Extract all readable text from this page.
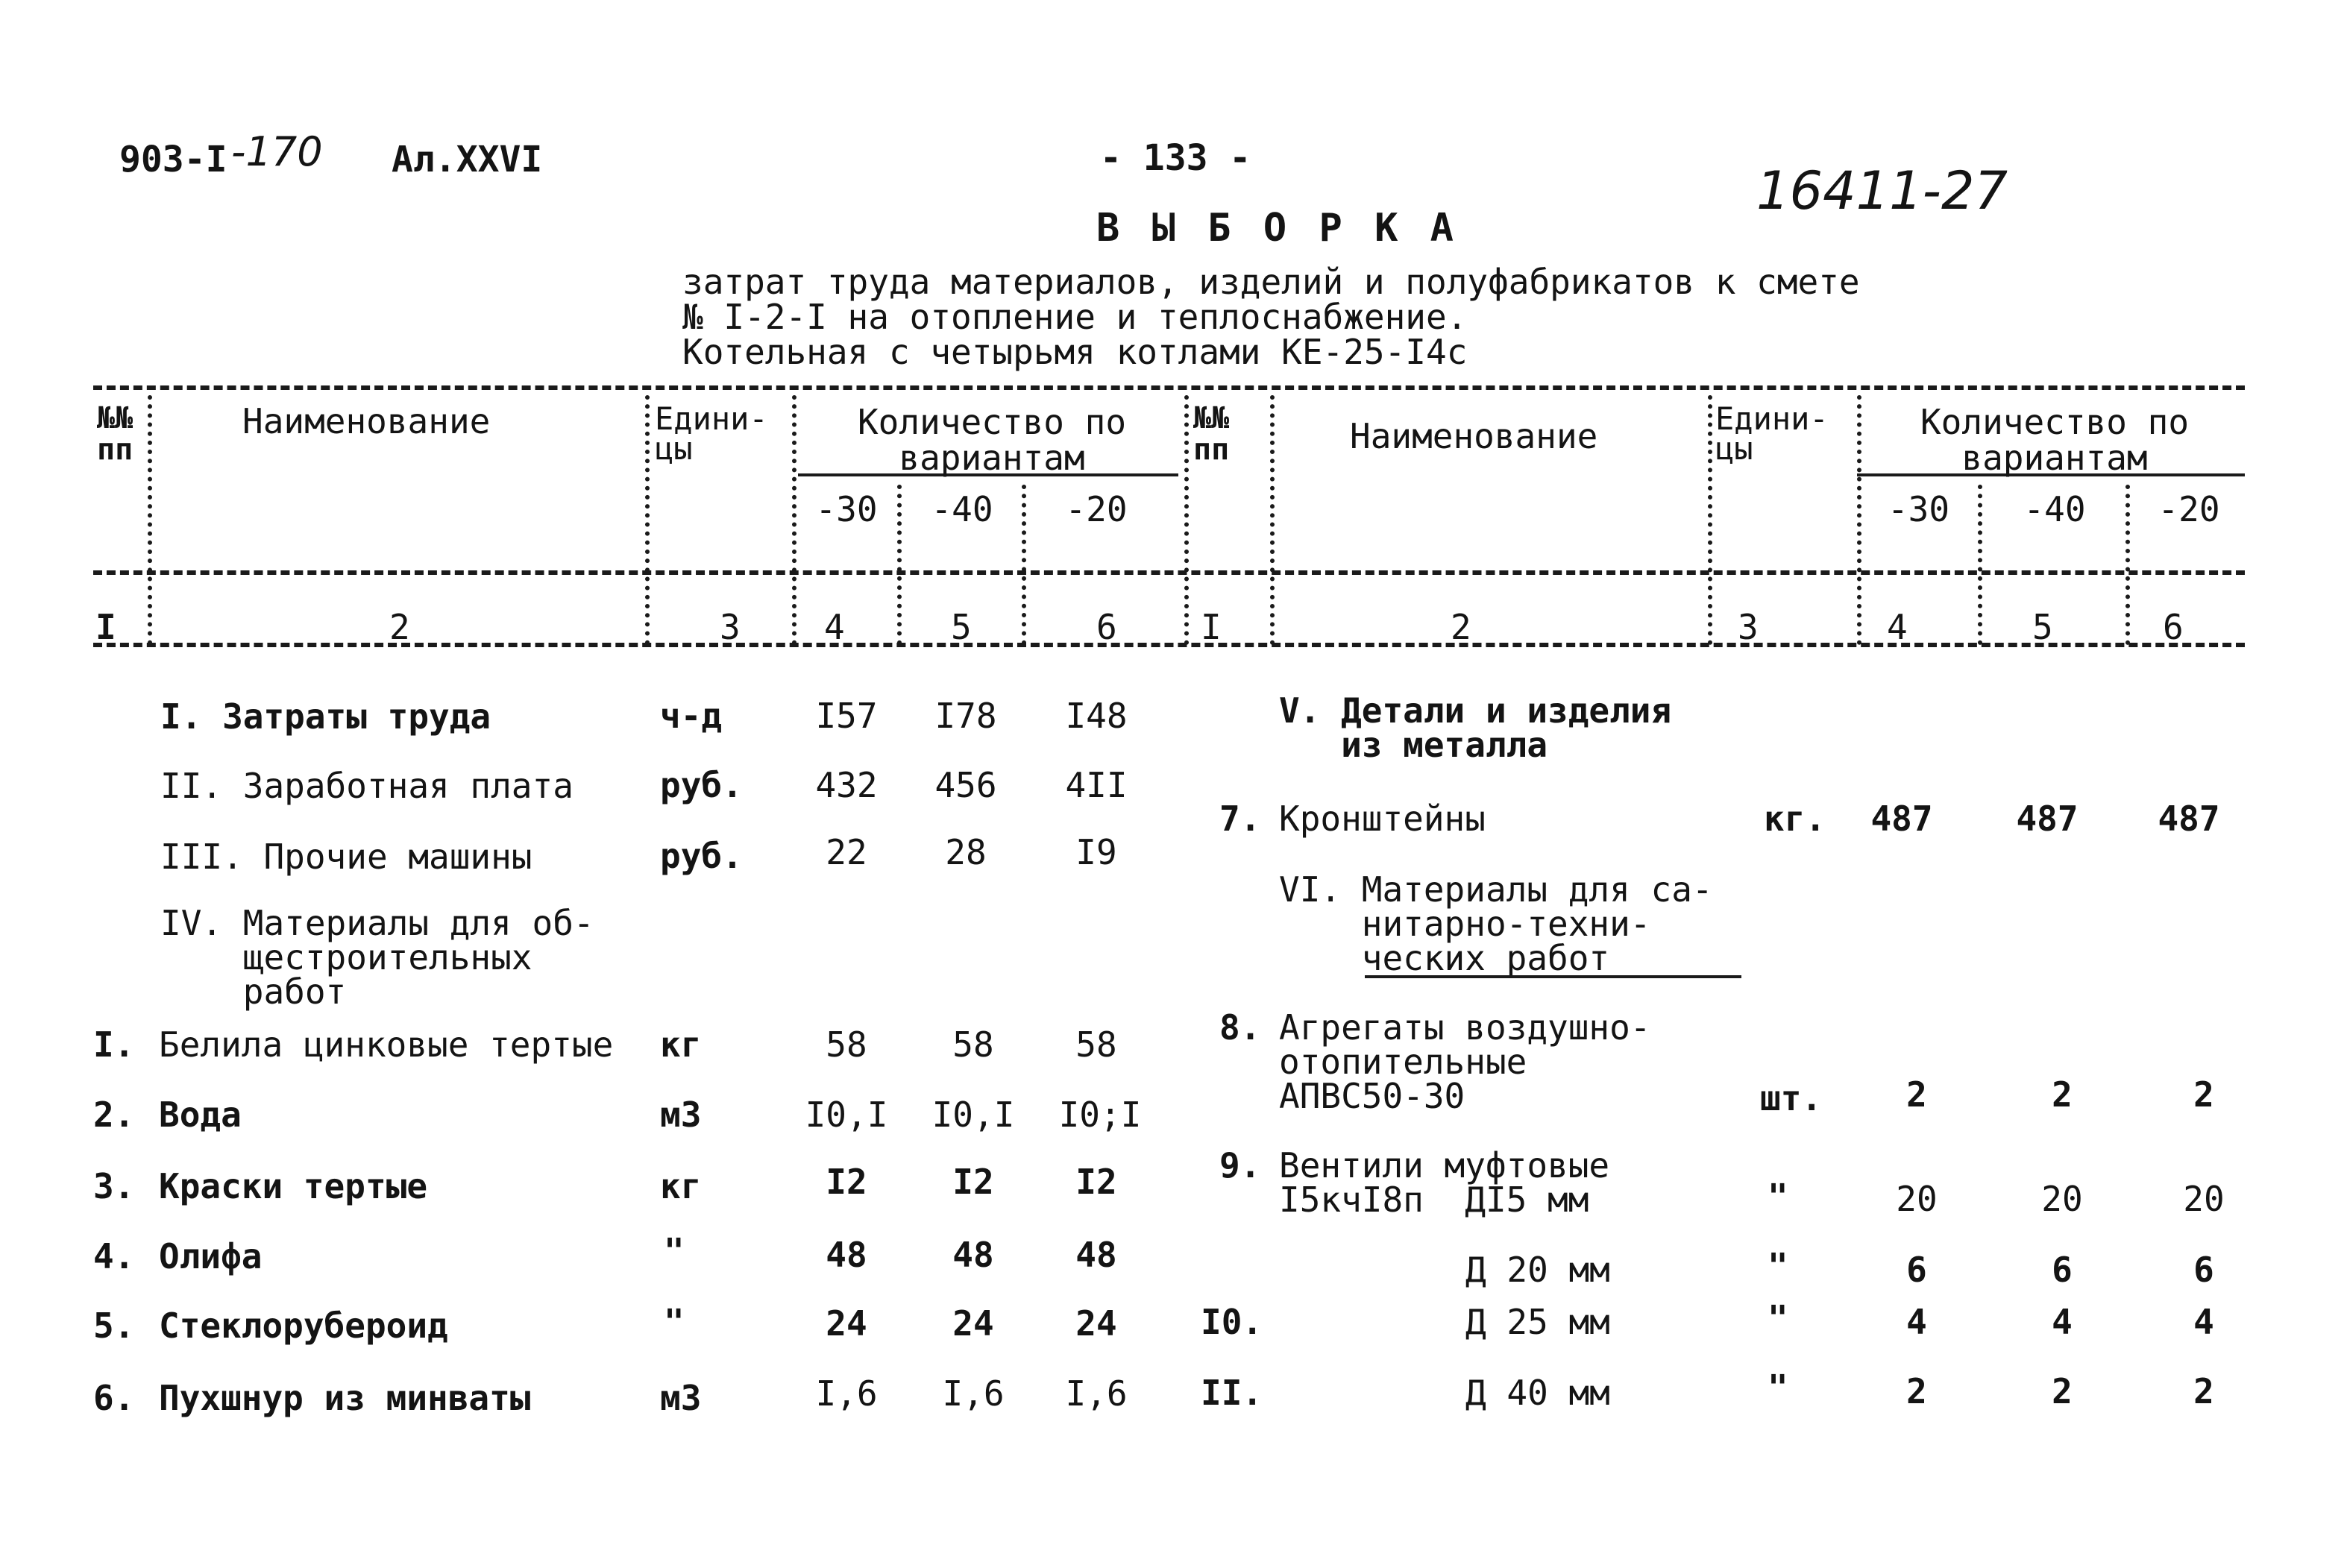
903-I -170 Ал.XXVI	- 133 -
16411-27
В Ы Б О Р К А
затрат труда материалов, изделий и полуфабрикатов к смете
№ I-2-I на отопление и теплоснабжение.
Котельная с четырьмя котлами КЕ-25-I4с
№№
пп
Наименование	Едини-
цы
Количество по
вариантам
-30	-40	-20
I	2	3 4	5	6
№№
пп	Наименование	Едини-
цы
Количество по
вариантам
-30	-40	-20
I	2	3	4	5	6
I. Затраты труда	ч-д	I57	I78	I48
II. Заработная плата	руб.	432	456	4II
III. Прочие машины	руб.	22	28	I9
IV. Материалы для об-
щестроительных
работ
I. Белила цинковые тертые кг	58	58	58
2. Вода	м3	I0,I	I0,I	I0;I
3. Краски тертые	кг	I2	I2	I2
4. Олифа	"	48	48	48
5. Стеклорубероид	"	24	24	24
6. Пухшнур из минваты	м3	I,6	I,6	I,6
V. Детали и изделия
из металла
7. Кронштейны	кг.	487	487	487
VI. Материалы для са-
нитарно-техни-
ческих работ
8. Агрегаты воздушно-
отопительные
АПВС50-30	шт.	2	2	2
9. Вентили муфтовые
I5кчI8п  ДI5 мм	"	20	20	20
Д 20 мм	"	6	6	6
I0.	Д 25 мм	"	4	4	4
II.	Д 40 мм	"	2	2	2
